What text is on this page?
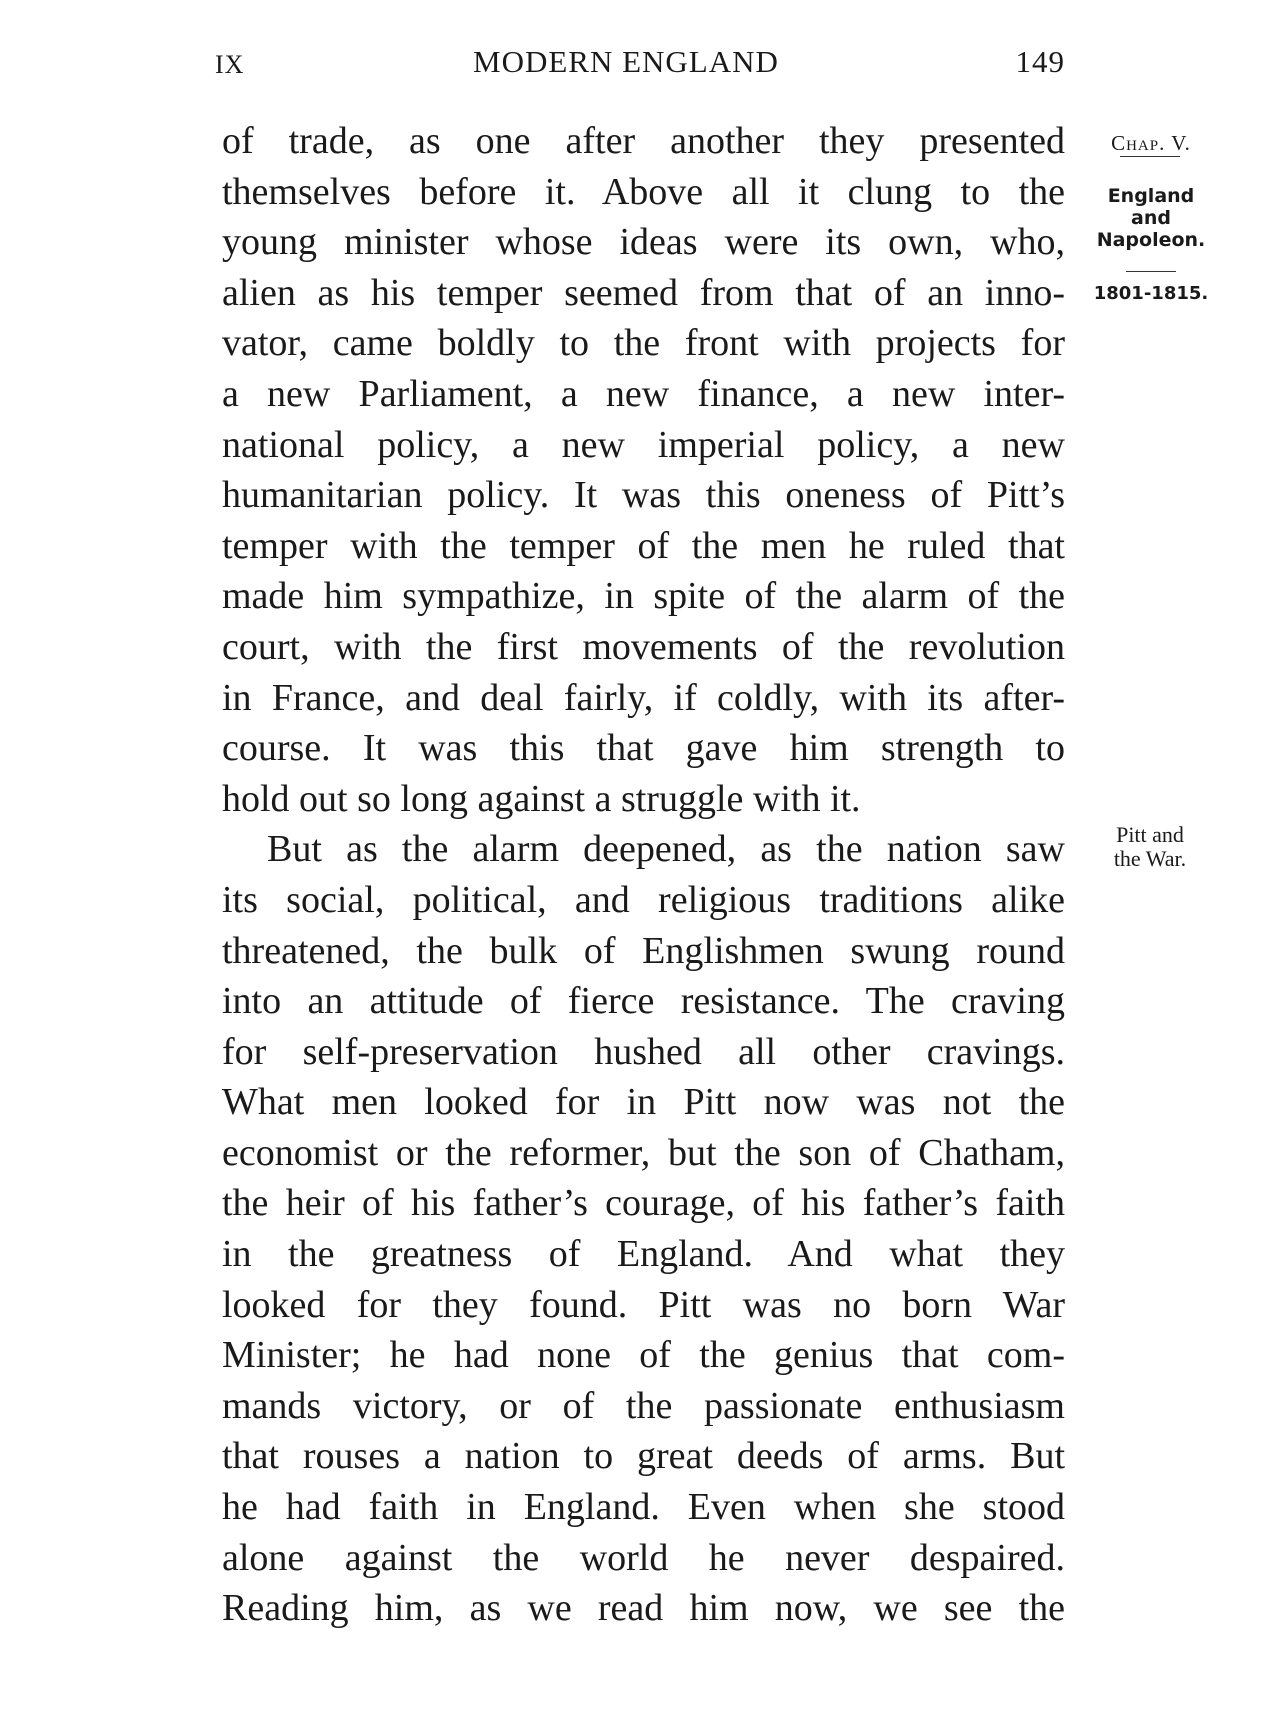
IX	MODERN ENGLAND	149
Chap. V.
England
and
Napoleon.
1801-1815.
Pitt and
the War.
of trade, as one after another they presented
themselves before it. Above all it clung to the
young minister whose ideas were its own, who,
alien as his temper seemed from that of an inno-
vator, came boldly to the front with projects for
a new Parliament, a new finance, a new inter-
national policy, a new imperial policy, a new
humanitarian policy. It was this oneness of Pitt’s
temper with the temper of the men he ruled that
made him sympathize, in spite of the alarm of the
court, with the first movements of the revolution
in France, and deal fairly, if coldly, with its after-
course. It was this that gave him strength to
hold out so long against a struggle with it.
But as the alarm deepened, as the nation saw
its social, political, and religious traditions alike
threatened, the bulk of Englishmen swung round
into an attitude of fierce resistance. The craving
for self-preservation hushed all other cravings.
What men looked for in Pitt now was not the
economist or the reformer, but the son of Chatham,
the heir of his father’s courage, of his father’s faith
in the greatness of England. And what they
looked for they found. Pitt was no born War
Minister; he had none of the genius that com-
mands victory, or of the passionate enthusiasm
that rouses a nation to great deeds of arms. But
he had faith in England. Even when she stood
alone against the world he never despaired.
Reading him, as we read him now, we see the
